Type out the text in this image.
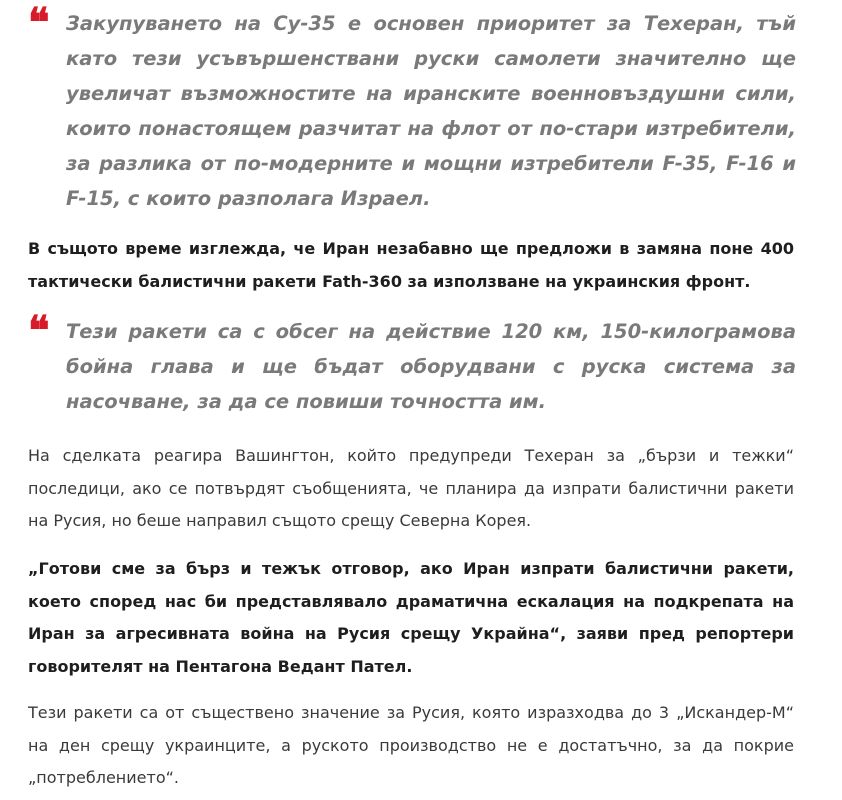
❝ Закупуването на Су-35 е основен приоритет за Техеран, тъй като тези усъвършенствани руски самолети значително ще увеличат възможностите на иранските военновъздушни сили, които понастоящем разчитат на флот от по-стари изтребители, за разлика от по-модерните и мощни изтребители F-35, F-16 и F-15, с които разполага Израел.

В същото време изглежда, че Иран незабавно ще предложи в замяна поне 400 тактически балистични ракети Fath-360 за използване на украинския фронт.

❝ Тези ракети са с обсег на действие 120 км, 150-килограмова бойна глава и ще бъдат оборудвани с руска система за насочване, за да се повиши точността им.

На сделката реагира Вашингтон, който предупреди Техеран за „бързи и тежки“ последици, ако се потвърдят съобщенията, че планира да изпрати балистични ракети на Русия, но беше направил същото срещу Северна Корея.

„Готови сме за бърз и тежък отговор, ако Иран изпрати балистични ракети, което според нас би представлявало драматична ескалация на подкрепата на Иран за агресивната война на Русия срещу Украйна“, заяви пред репортери говорителят на Пентагона Ведант Пател.

Тези ракети са от съществено значение за Русия, която изразходва до 3 „Искандер-М“ на ден срещу украинците, а руското производство не е достатъчно, за да покрие „потреблението“.
